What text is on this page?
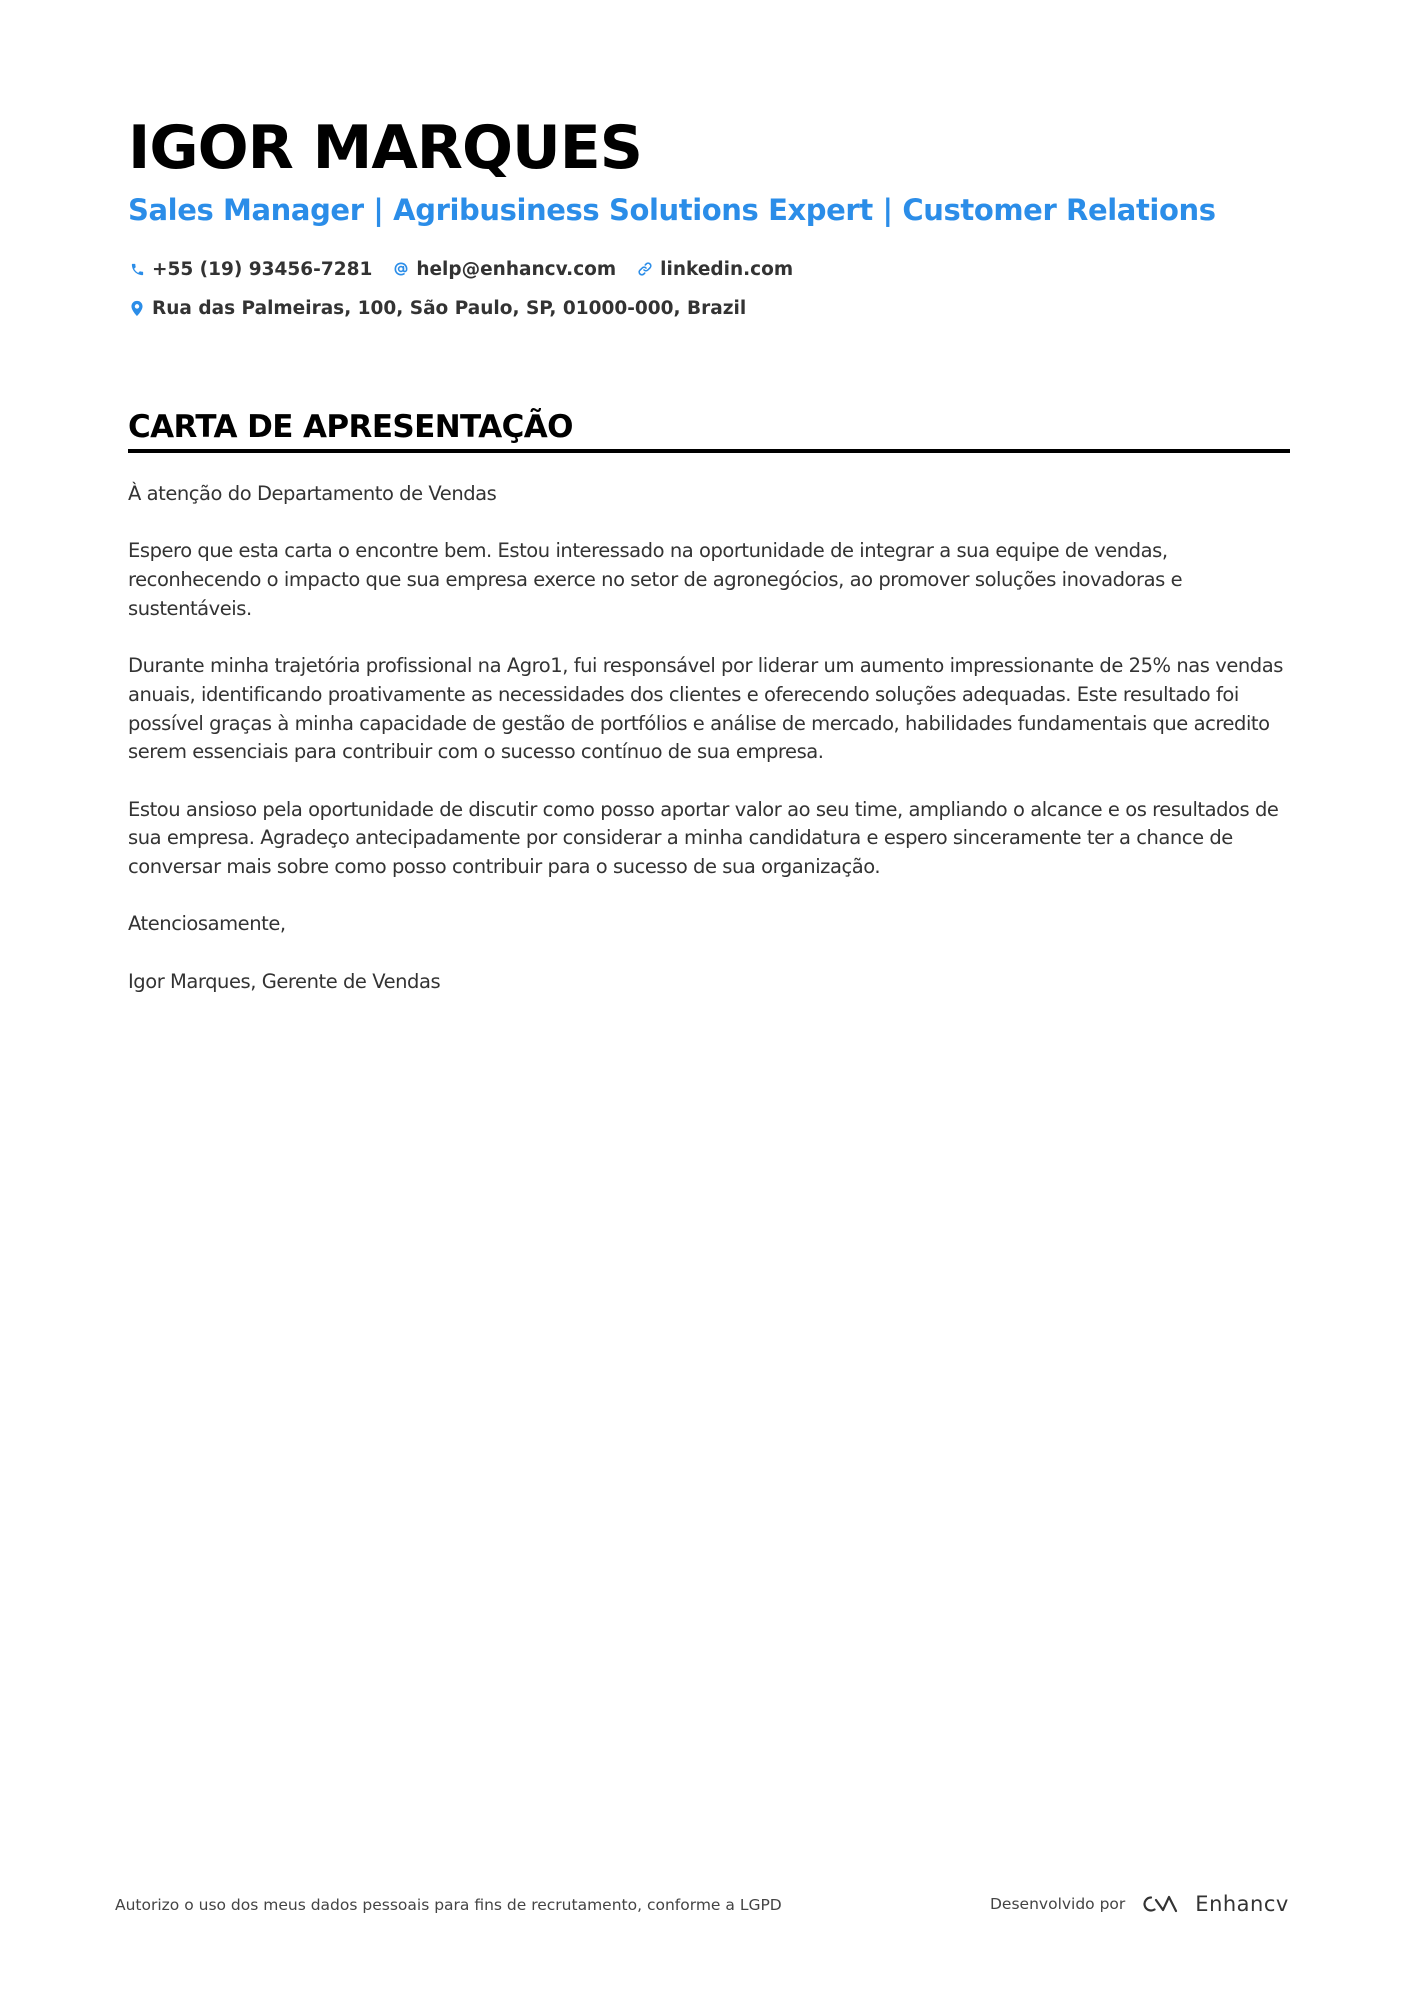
IGOR MARQUES
Sales Manager | Agribusiness Solutions Expert | Customer Relations
+55 (19) 93456-7281 help@enhancv.com linkedin.com
Rua das Palmeiras, 100, São Paulo, SP, 01000-000, Brazil
CARTA DE APRESENTAÇÃO

À atenção do Departamento de Vendas

Espero que esta carta o encontre bem. Estou interessado na oportunidade de integrar a sua equipe de vendas, reconhecendo o impacto que sua empresa exerce no setor de agronegócios, ao promover soluções inovadoras e sustentáveis.

Durante minha trajetória profissional na Agro1, fui responsável por liderar um aumento impressionante de 25% nas vendas anuais, identificando proativamente as necessidades dos clientes e oferecendo soluções adequadas. Este resultado foi possível graças à minha capacidade de gestão de portfólios e análise de mercado, habilidades fundamentais que acredito serem essenciais para contribuir com o sucesso contínuo de sua empresa.

Estou ansioso pela oportunidade de discutir como posso aportar valor ao seu time, ampliando o alcance e os resultados de sua empresa. Agradeço antecipadamente por considerar a minha candidatura e espero sinceramente ter a chance de conversar mais sobre como posso contribuir para o sucesso de sua organização.

Atenciosamente,

Igor Marques, Gerente de Vendas

Autorizo o uso dos meus dados pessoais para fins de recrutamento, conforme a LGPD	Desenvolvido por	Enhancv
